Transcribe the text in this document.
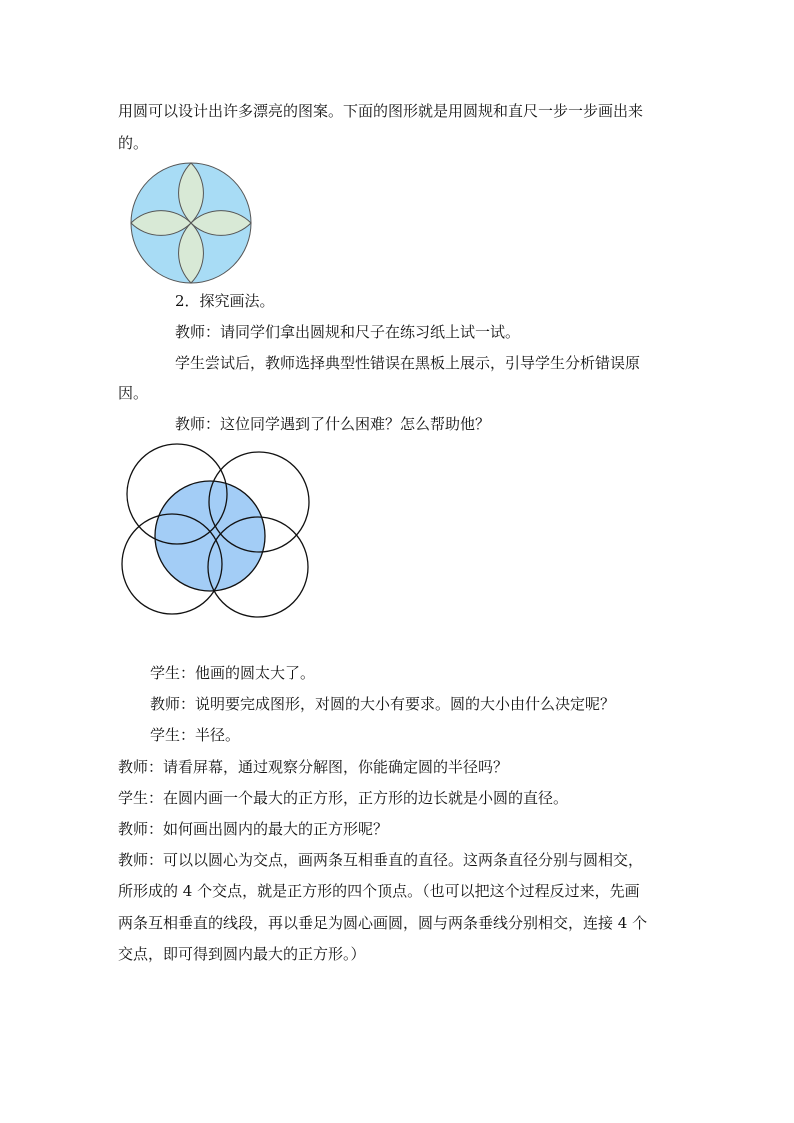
用圆可以设计出许多漂亮的图案。下面的图形就是用圆规和直尺一步一步画出来
的。
2．探究画法。
教师：请同学们拿出圆规和尺子在练习纸上试一试。
学生尝试后，教师选择典型性错误在黑板上展示，引导学生分析错误原
因。
教师：这位同学遇到了什么困难？怎么帮助他？
学生：他画的圆太大了。
教师：说明要完成图形，对圆的大小有要求。圆的大小由什么决定呢？
学生：半径。
教师：请看屏幕，通过观察分解图，你能确定圆的半径吗？
学生：在圆内画一个最大的正方形，正方形的边长就是小圆的直径。
教师：如何画出圆内的最大的正方形呢？
教师：可以以圆心为交点，画两条互相垂直的直径。这两条直径分别与圆相交，
所形成的 4 个交点，就是正方形的四个顶点。（也可以把这个过程反过来，先画
两条互相垂直的线段，再以垂足为圆心画圆，圆与两条垂线分别相交，连接 4 个
交点，即可得到圆内最大的正方形。）
